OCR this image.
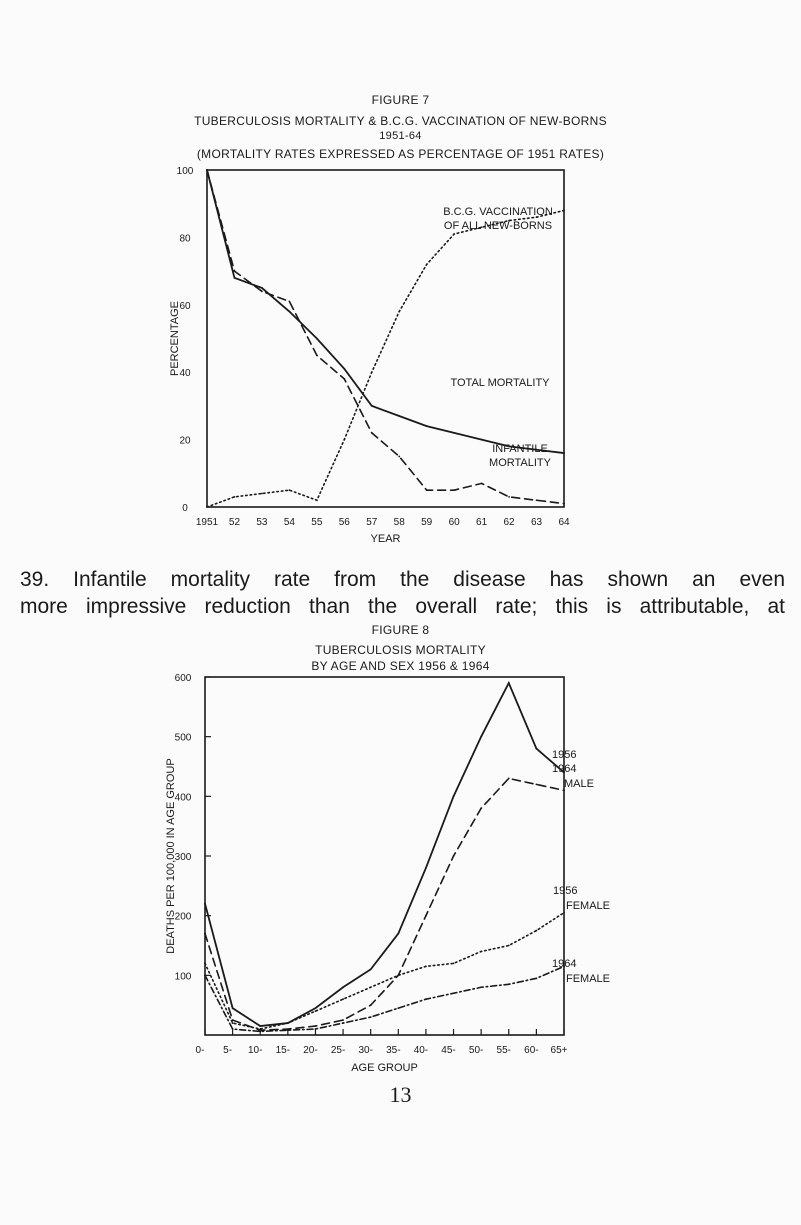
FIGURE 7
TUBERCULOSIS MORTALITY & B.C.G. VACCINATION OF NEW-BORNS
1951-64
(MORTALITY RATES EXPRESSED AS PERCENTAGE OF 1951 RATES)
39. Infantile mortality rate from the disease has shown an even
more impressive reduction than the overall rate; this is attributable, at
FIGURE 8
TUBERCULOSIS MORTALITY
BY AGE AND SEX 1956 & 1964
13
0
20
40
60
80
100
1951 52 53 54 55 56 57 58 59 60 61 62 63 64
YEAR
PERCENTAGE
TOTAL MORTALITY
INFANTILE
MORTALITY
B.C.G. VACCINATION
OF ALL NEW-BORNS
100
200
300
400
500
600
0- 5- 10- 15- 20- 25- 30- 35- 40- 45- 50- 55- 60- 65+
AGE GROUP
DEATHS PER 100,000 IN AGE GROUP
1956
1964
MALE
1956
FEMALE
1964
FEMALE
